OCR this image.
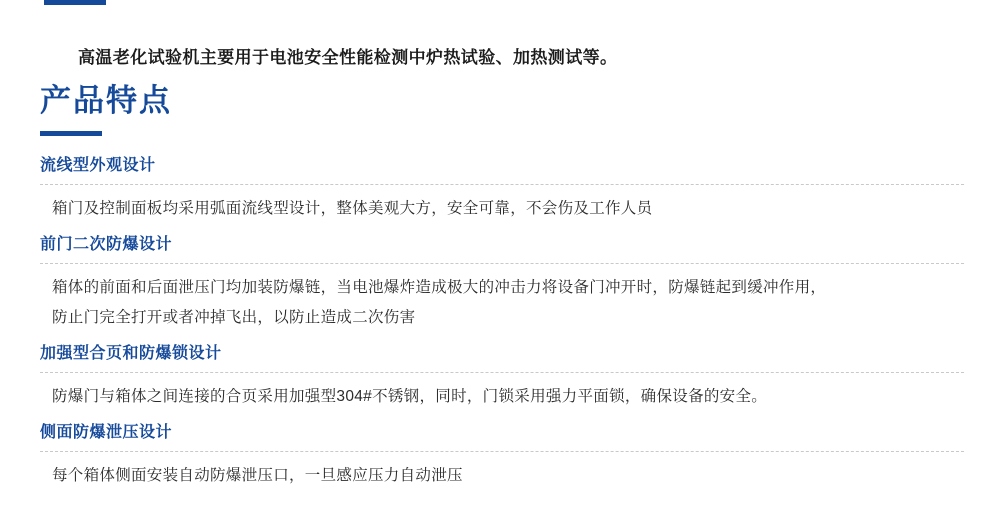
高温老化试验机主要用于电池安全性能检测中炉热试验、加热测试等。

产品特点
流线型外观设计
箱门及控制面板均采用弧面流线型设计，整体美观大方，安全可靠，不会伤及工作人员
前门二次防爆设计
箱体的前面和后面泄压门均加装防爆链，当电池爆炸造成极大的冲击力将设备门冲开时，防爆链起到缓冲作用，
防止门完全打开或者冲掉飞出，以防止造成二次伤害
加强型合页和防爆锁设计
防爆门与箱体之间连接的合页采用加强型304#不锈钢，同时，门锁采用强力平面锁，确保设备的安全。
侧面防爆泄压设计
每个箱体侧面安装自动防爆泄压口，一旦感应压力自动泄压
